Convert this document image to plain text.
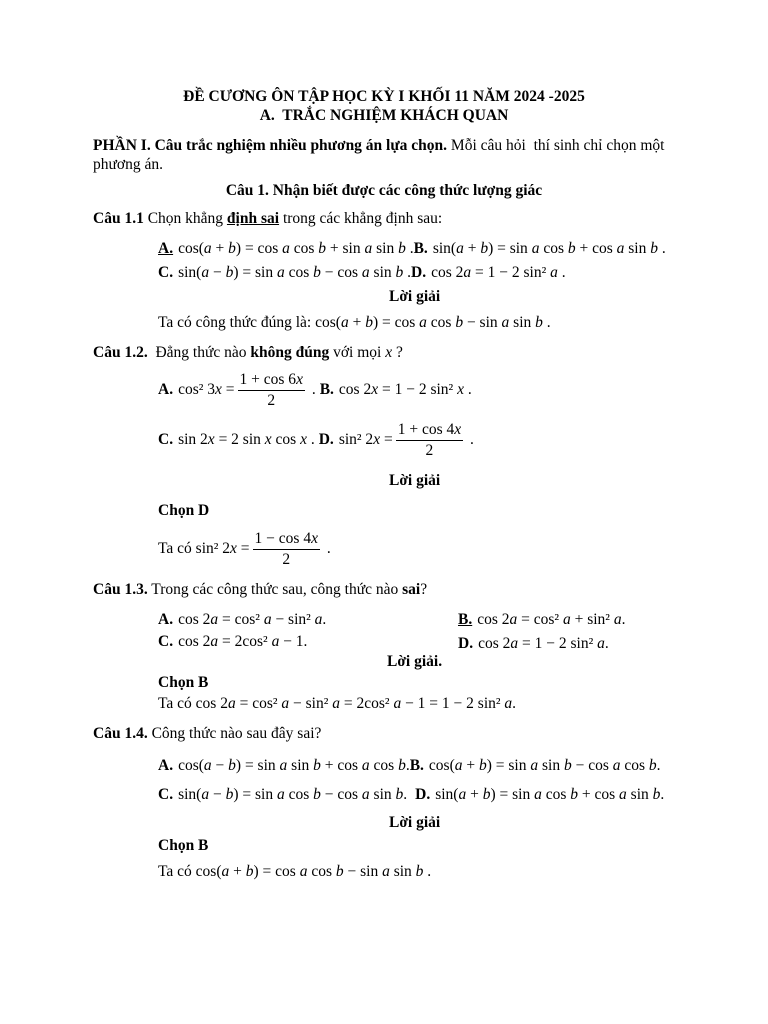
ĐỀ CƯƠNG ÔN TẬP HỌC KỲ I KHỐI 11 NĂM 2024 -2025
A.  TRẮC NGHIỆM KHÁCH QUAN
PHẦN I. Câu trắc nghiệm nhiều phương án lựa chọn. Mỗi câu hỏi  thí sinh chỉ chọn một
phương án.
Câu 1. Nhận biết được các công thức lượng giác
Câu 1.1 Chọn khẳng định sai trong các khẳng định sau:
A. cos(a + b) = cos a cos b + sin a sin b .B. sin(a + b) = sin a cos b + cos a sin b .
C. sin(a − b) = sin a cos b − cos a sin b .D. cos 2a = 1 − 2 sin² a .
Lời giải
Ta có công thức đúng là: cos(a + b) = cos a cos b − sin a sin b .
Câu 1.2.  Đẳng thức nào không đúng với mọi x ?
A. cos² $3x = \frac{1 + \cos 6x}{2}$ . B. cos 2x = 1 − 2 sin² x .
C. sin 2x = 2 sin x cos x . D. sin² $2x = \frac{1 + \cos 4x}{2}$ .
Lời giải
Chọn D
Ta có sin² $2x = \frac{1 - \cos 4x}{2}$ .
Câu 1.3. Trong các công thức sau, công thức nào sai?
A. cos 2a = cos² a − sin² a.	B. cos 2a = cos² a + sin² a.
C. cos 2a = 2cos² a − 1.	D. cos 2a = 1 − 2 sin² a.
Lời giải.
Chọn B
Ta có cos 2a = cos² a − sin² a = 2cos² a − 1 = 1 − 2 sin² a.
Câu 1.4. Công thức nào sau đây sai?
A. cos(a − b) = sin a sin b + cos a cos b.B. cos(a + b) = sin a sin b − cos a cos b.
C. sin(a − b) = sin a cos b − cos a sin b. D. sin(a + b) = sin a cos b + cos a sin b.
Lời giải
Chọn B
Ta có cos(a + b) = cos a cos b − sin a sin b .
